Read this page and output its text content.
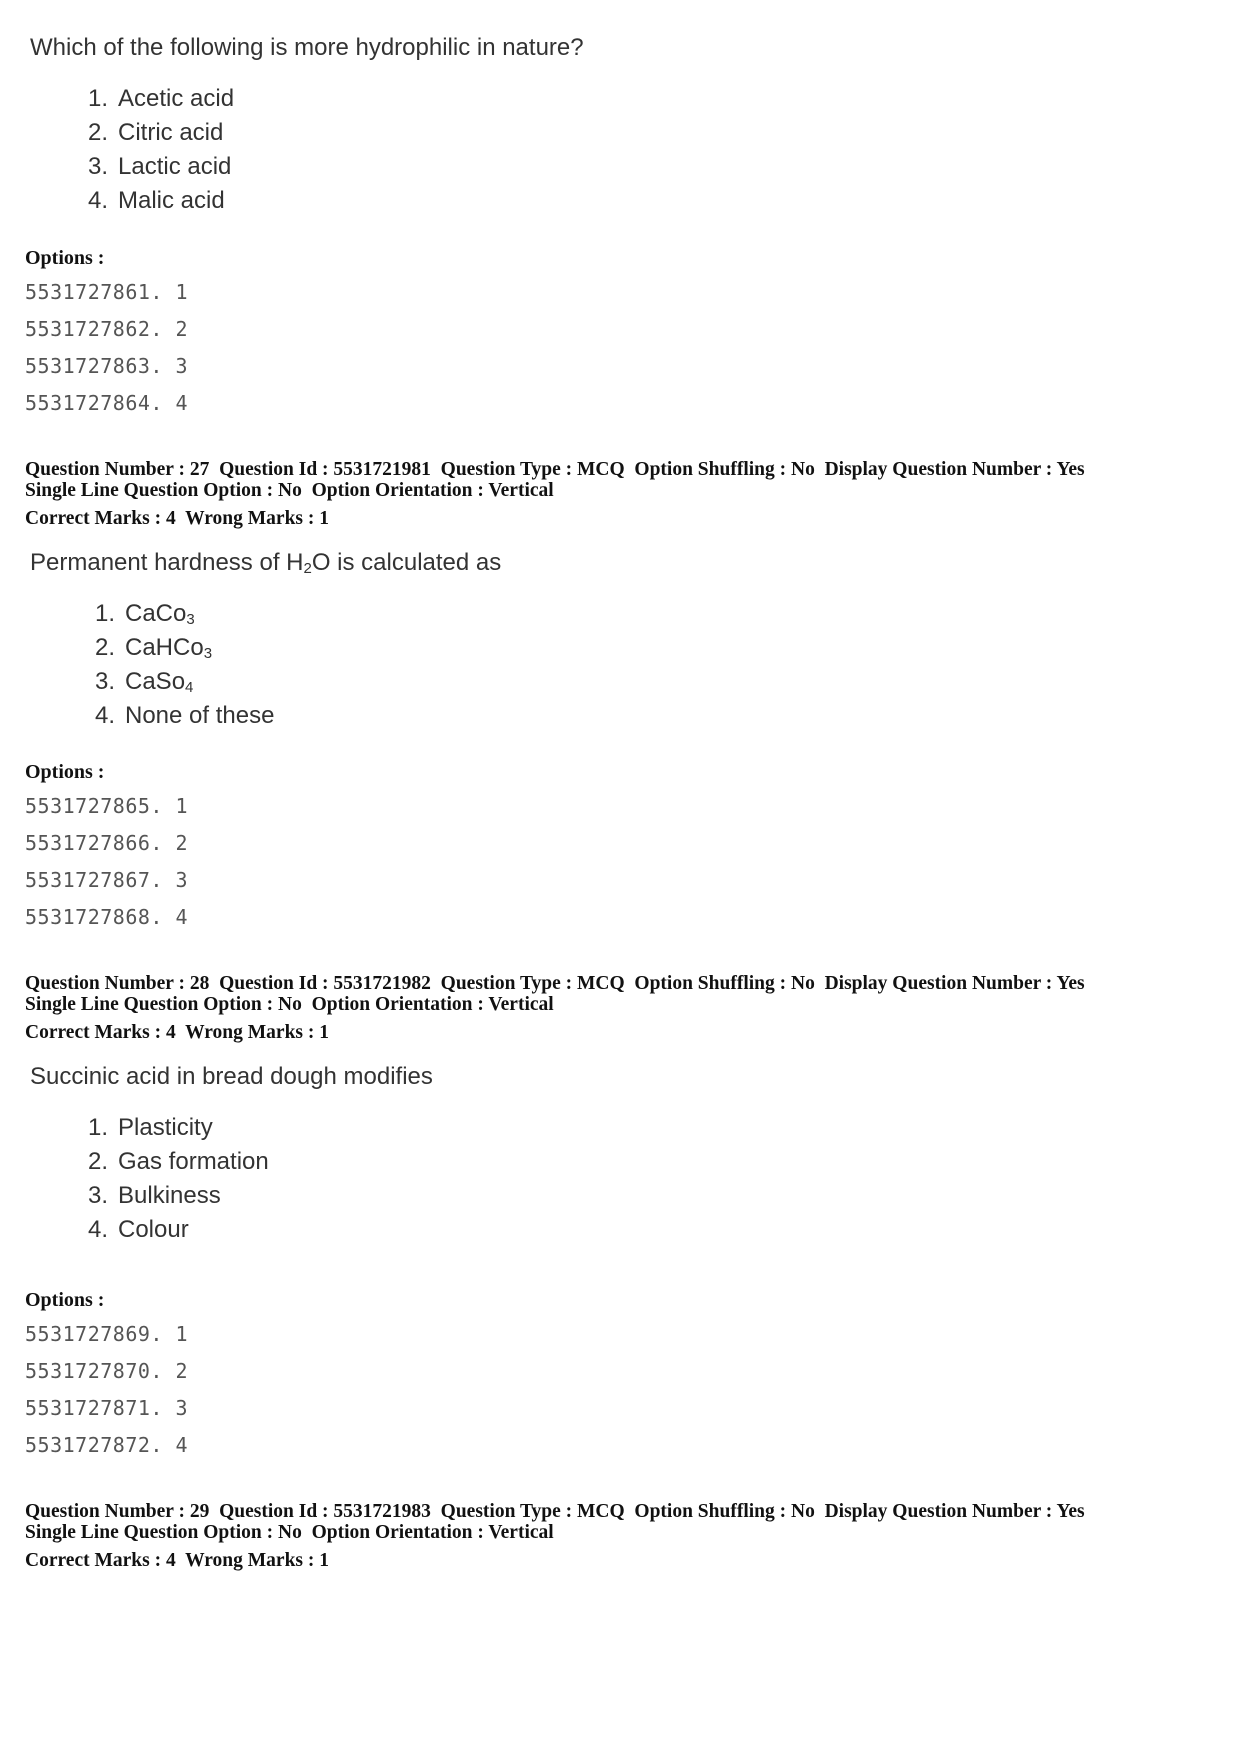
Which of the following is more hydrophilic in nature?

1. Acetic acid
2. Citric acid
3. Lactic acid
4. Malic acid
Options :
5531727861. 1
5531727862. 2
5531727863. 3
5531727864. 4
Question Number : 27  Question Id : 5531721981  Question Type : MCQ  Option Shuffling : No  Display Question Number : Yes
Single Line Question Option : No  Option Orientation : Vertical
Correct Marks : 4  Wrong Marks : 1

Permanent hardness of $H_2O$ is calculated as

1. CaCo$_3$
2. CaHCo$_3$
3. CaSo$_4$
4. None of these
Options :
5531727865. 1
5531727866. 2
5531727867. 3
5531727868. 4
Question Number : 28  Question Id : 5531721982  Question Type : MCQ  Option Shuffling : No  Display Question Number : Yes
Single Line Question Option : No  Option Orientation : Vertical
Correct Marks : 4  Wrong Marks : 1

Succinic acid in bread dough modifies

1. Plasticity
2. Gas formation
3. Bulkiness
4. Colour
Options :
5531727869. 1
5531727870. 2
5531727871. 3
5531727872. 4
Question Number : 29  Question Id : 5531721983  Question Type : MCQ  Option Shuffling : No  Display Question Number : Yes
Single Line Question Option : No  Option Orientation : Vertical
Correct Marks : 4  Wrong Marks : 1
